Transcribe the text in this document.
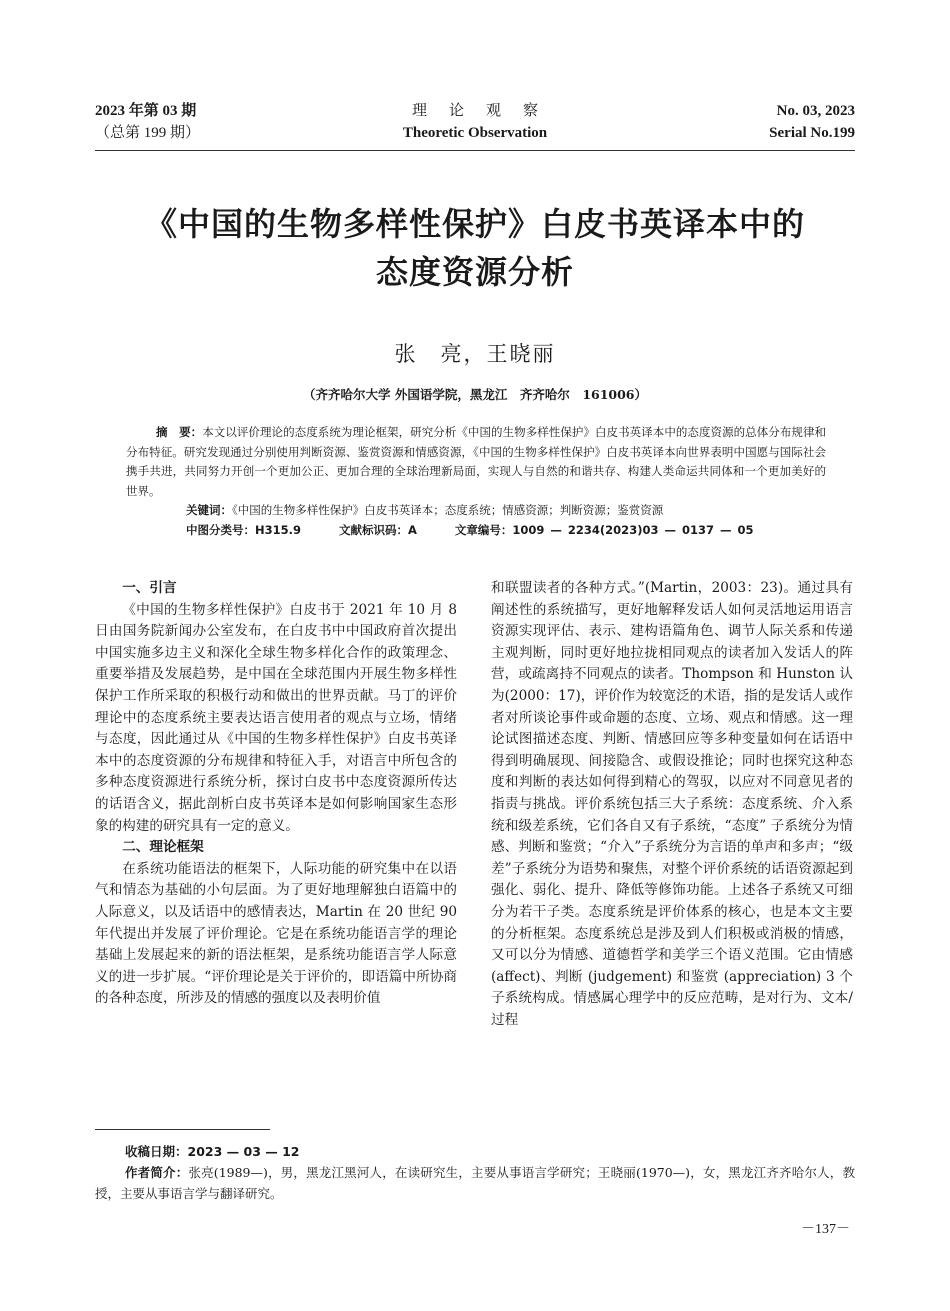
2023 年第 03 期
（总第 199 期）
理论观察
Theoretic Observation
No. 03, 2023
Serial No.199
《中国的生物多样性保护》白皮书英译本中的
态度资源分析
张　亮，王晓丽
（齐齐哈尔大学 外国语学院，黑龙江　齐齐哈尔　161006）

摘　要：本文以评价理论的态度系统为理论框架，研究分析《中国的生物多样性保护》白皮书英译本中的态度资源的总体分布规律和分布特征。研究发现通过分别使用判断资源、鉴赏资源和情感资源，《中国的生物多样性保护》白皮书英译本向世界表明中国愿与国际社会携手共进，共同努力开创一个更加公正、更加合理的全球治理新局面，实现人与自然的和谐共存、构建人类命运共同体和一个更加美好的世界。

关键词：《中国的生物多样性保护》白皮书英译本；态度系统；情感资源；判断资源；鉴赏资源

中图分类号：H315.9	文献标识码：A	文章编号：1009 — 2234(2023)03 — 0137 — 05

一、引言

《中国的生物多样性保护》白皮书于 2021 年 10 月 8 日由国务院新闻办公室发布，在白皮书中中国政府首次提出中国实施多边主义和深化全球生物多样化合作的政策理念、重要举措及发展趋势，是中国在全球范围内开展生物多样性保护工作所采取的积极行动和做出的世界贡献。马丁的评价理论中的态度系统主要表达语言使用者的观点与立场，情绪与态度，因此通过从《中国的生物多样性保护》白皮书英译本中的态度资源的分布规律和特征入手，对语言中所包含的多种态度资源进行系统分析，探讨白皮书中态度资源所传达的话语含义，据此剖析白皮书英译本是如何影响国家生态形象的构建的研究具有一定的意义。

二、理论框架

在系统功能语法的框架下，人际功能的研究集中在以语气和情态为基础的小句层面。为了更好地理解独白语篇中的人际意义，以及话语中的感情表达，Martin 在 20 世纪 90 年代提出并发展了评价理论。它是在系统功能语言学的理论基础上发展起来的新的语法框架，是系统功能语言学人际意义的进一步扩展。“评价理论是关于评价的，即语篇中所协商的各种态度，所涉及的情感的强度以及表明价值

和联盟读者的各种方式。”(Martin，2003：23)。通过具有阐述性的系统描写，更好地解释发话人如何灵活地运用语言资源实现评估、表示、建构语篇角色、调节人际关系和传递主观判断，同时更好地拉拢相同观点的读者加入发话人的阵营，或疏离持不同观点的读者。Thompson 和 Hunston 认为(2000：17)，评价作为较宽泛的术语，指的是发话人或作者对所谈论事件或命题的态度、立场、观点和情感。这一理论试图描述态度、判断、情感回应等多种变量如何在话语中得到明确展现、间接隐含、或假设推论；同时也探究这种态度和判断的表达如何得到精心的驾驭，以应对不同意见者的指责与挑战。评价系统包括三大子系统：态度系统、介入系统和级差系统，它们各自又有子系统，“态度” 子系统分为情感、判断和鉴赏；“介入”子系统分为言语的单声和多声；“级差”子系统分为语势和聚焦，对整个评价系统的话语资源起到强化、弱化、提升、降低等修饰功能。上述各子系统又可细分为若干子类。态度系统是评价体系的核心，也是本文主要的分析框架。态度系统总是涉及到人们积极或消极的情感，又可以分为情感、道德哲学和美学三个语义范围。它由情感 (affect)、判断 (judgement) 和鉴赏 (appreciation) 3 个子系统构成。情感属心理学中的反应范畴，是对行为、文本/过程

收稿日期：2023 — 03 — 12

作者简介：张亮(1989—)，男，黑龙江黑河人，在读研究生，主要从事语言学研究；王晓丽(1970—)，女，黑龙江齐齐哈尔人，教授，主要从事语言学与翻译研究。

－137－
